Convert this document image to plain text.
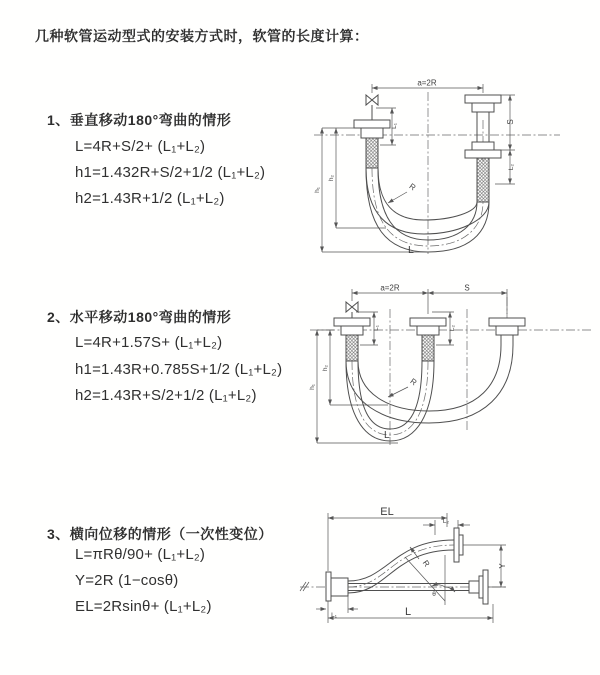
几种软管运动型式的安装方式时，软管的长度计算：
1、垂直移动180°弯曲的情形
L=4R+S/2+ (L₁+L₂)
h1=1.432R+S/2+1/2 (L₁+L₂)
h2=1.43R+1/2 (L₁+L₂)
a=2R
S
L₂
L₁
h₁
h₂
R
L
2、水平移动180°弯曲的情形
L=4R+1.57S+ (L₁+L₂)
h1=1.43R+0.785S+1/2 (L₁+L₂)
h2=1.43R+S/2+1/2 (L₁+L₂)
a=2R	S
L₁	L₂
h₁
h₂
R
L
3、横向位移的情形（一次性变位）
L=πRθ/90+ (L₁+L₂)
Y=2R (1−cosθ)
EL=2Rsinθ+ (L₁+L₂)
EL
L₂
Y
R
θ
L₁	L
